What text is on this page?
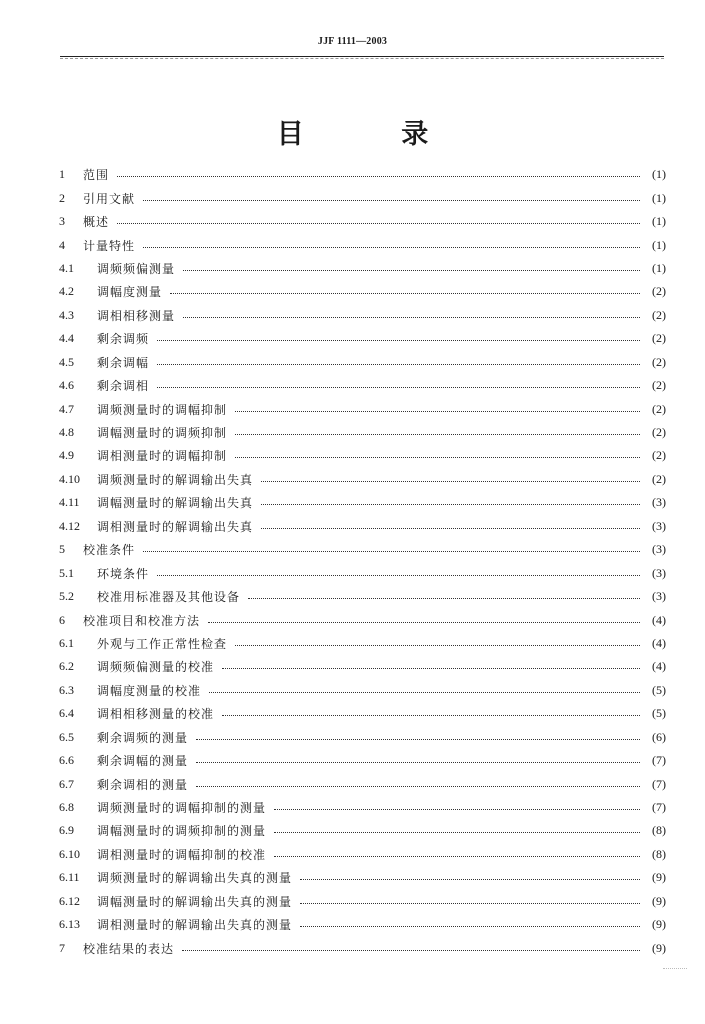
JJF 1111—2003
目 录
1	范围	(1)
2	引用文献	(1)
3	概述	(1)
4	计量特性	(1)
4.1	调频频偏测量	(1)
4.2	调幅度测量	(2)
4.3	调相相移测量	(2)
4.4	剩余调频	(2)
4.5	剩余调幅	(2)
4.6	剩余调相	(2)
4.7	调频测量时的调幅抑制	(2)
4.8	调幅测量时的调频抑制	(2)
4.9	调相测量时的调幅抑制	(2)
4.10	调频测量时的解调输出失真	(2)
4.11	调幅测量时的解调输出失真	(3)
4.12	调相测量时的解调输出失真	(3)
5	校准条件	(3)
5.1	环境条件	(3)
5.2	校准用标准器及其他设备	(3)
6	校准项目和校准方法	(4)
6.1	外观与工作正常性检查	(4)
6.2	调频频偏测量的校准	(4)
6.3	调幅度测量的校准	(5)
6.4	调相相移测量的校准	(5)
6.5	剩余调频的测量	(6)
6.6	剩余调幅的测量	(7)
6.7	剩余调相的测量	(7)
6.8	调频测量时的调幅抑制的测量	(7)
6.9	调幅测量时的调频抑制的测量	(8)
6.10	调相测量时的调幅抑制的校准	(8)
6.11	调频测量时的解调输出失真的测量	(9)
6.12	调幅测量时的解调输出失真的测量	(9)
6.13	调相测量时的解调输出失真的测量	(9)
7	校准结果的表达	(9)
